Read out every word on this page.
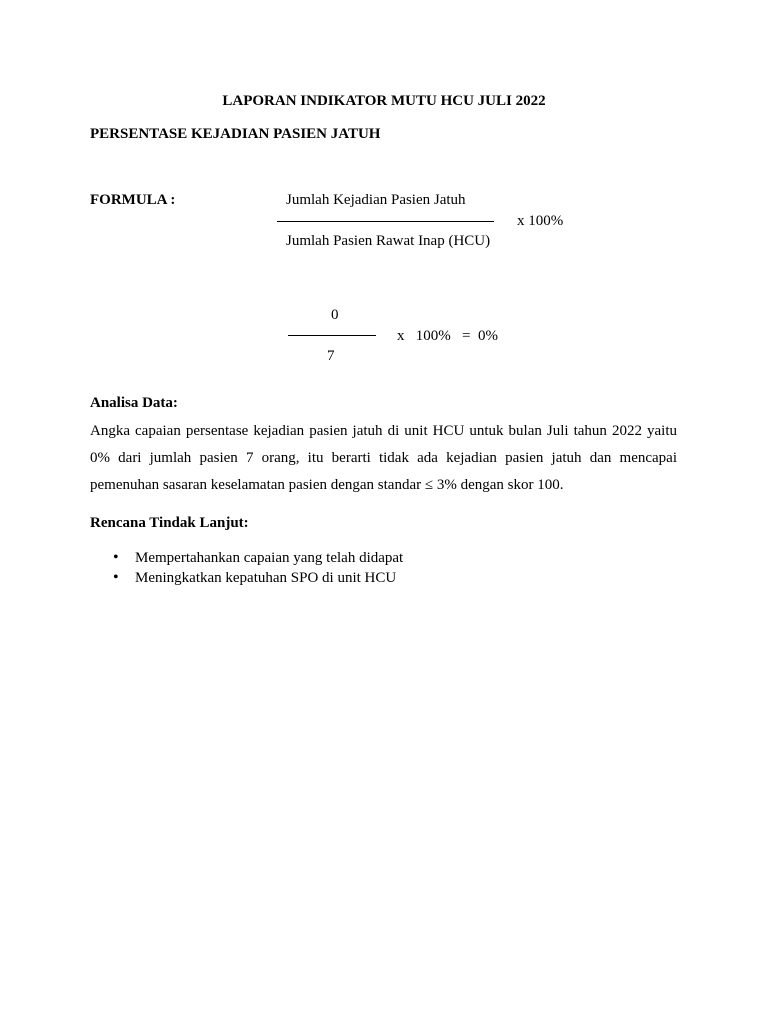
LAPORAN INDIKATOR MUTU HCU JULI 2022
PERSENTASE KEJADIAN PASIEN JATUH
FORMULA :	Jumlah Kejadian Pasien Jatuh
Jumlah Pasien Rawat Inap (HCU)
x 100%
0
7
x   100%   =  0%
Analisa Data:
Angka capaian persentase kejadian pasien jatuh di unit HCU untuk bulan Juli tahun 2022 yaitu
0% dari jumlah pasien 7 orang, itu berarti tidak ada kejadian pasien jatuh dan mencapai
pemenuhan sasaran keselamatan pasien dengan standar ≤ 3% dengan skor 100.
Rencana Tindak Lanjut:
• Mempertahankan capaian yang telah didapat
• Meningkatkan kepatuhan SPO di unit HCU
